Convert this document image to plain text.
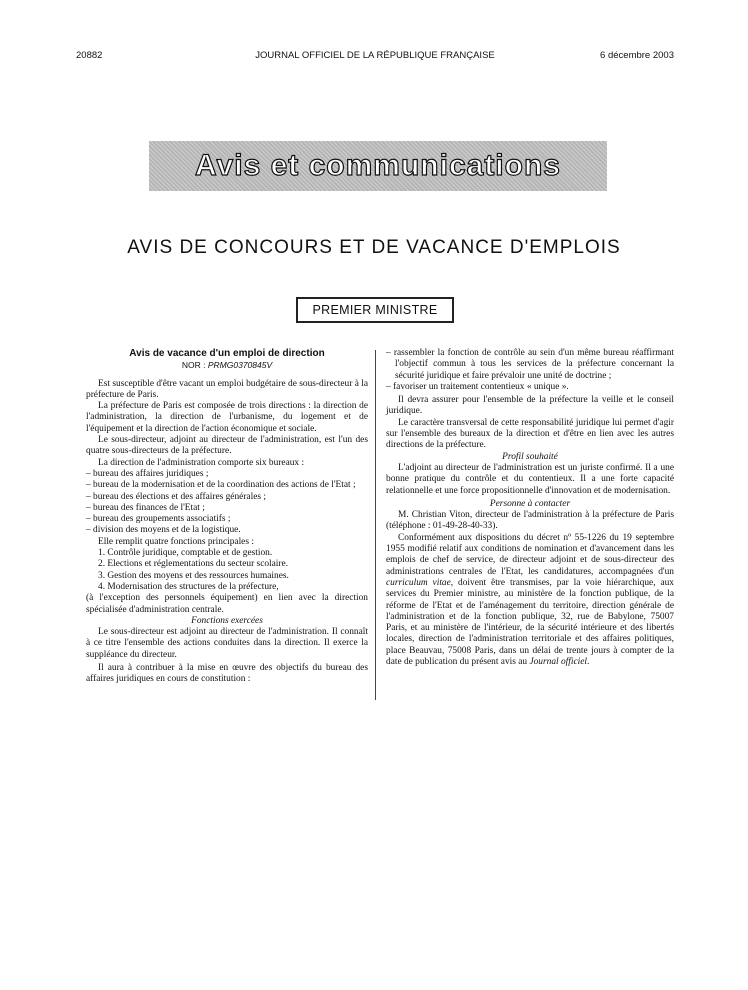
20882	JOURNAL OFFICIEL DE LA RÉPUBLIQUE FRANÇAISE	6 décembre 2003
Avis et communications
AVIS DE CONCOURS ET DE VACANCE D'EMPLOIS
PREMIER MINISTRE
Avis de vacance d'un emploi de direction
NOR : PRMG0370845V

Est susceptible d'être vacant un emploi budgétaire de sous-directeur à la préfecture de Paris.

La préfecture de Paris est composée de trois directions : la direction de l'administration, la direction de l'urbanisme, du logement et de l'équipement et la direction de l'action économique et sociale.

Le sous-directeur, adjoint au directeur de l'administration, est l'un des quatre sous-directeurs de la préfecture.

La direction de l'administration comporte six bureaux :

– bureau des affaires juridiques ;

– bureau de la modernisation et de la coordination des actions de l'Etat ;

– bureau des élections et des affaires générales ;

– bureau des finances de l'Etat ;

– bureau des groupements associatifs ;

– division des moyens et de la logistique.

Elle remplit quatre fonctions principales :

1. Contrôle juridique, comptable et de gestion.

2. Elections et réglementations du secteur scolaire.

3. Gestion des moyens et des ressources humaines.

4. Modernisation des structures de la préfecture,

(à l'exception des personnels équipement) en lien avec la direction spécialisée d'administration centrale.

Fonctions exercées

Le sous-directeur est adjoint au directeur de l'administration. Il connaît à ce titre l'ensemble des actions conduites dans la direction. Il exerce la suppléance du directeur.

Il aura à contribuer à la mise en œuvre des objectifs du bureau des affaires juridiques en cours de constitution :

– rassembler la fonction de contrôle au sein d'un même bureau réaffirmant l'objectif commun à tous les services de la préfecture concernant la sécurité juridique et faire prévaloir une unité de doctrine ;

– favoriser un traitement contentieux « unique ».

Il devra assurer pour l'ensemble de la préfecture la veille et le conseil juridique.

Le caractère transversal de cette responsabilité juridique lui permet d'agir sur l'ensemble des bureaux de la direction et d'être en lien avec les autres directions de la préfecture.

Profil souhaité

L'adjoint au directeur de l'administration est un juriste confirmé. Il a une bonne pratique du contrôle et du contentieux. Il a une forte capacité relationnelle et une force propositionnelle d'innovation et de modernisation.

Personne à contacter

M. Christian Viton, directeur de l'administration à la préfecture de Paris (téléphone : 01-49-28-40-33).

Conformément aux dispositions du décret nº 55-1226 du 19 septembre 1955 modifié relatif aux conditions de nomination et d'avancement dans les emplois de chef de service, de directeur adjoint et de sous-directeur des administrations centrales de l'Etat, les candidatures, accompagnées d'un curriculum vitae, doivent être transmises, par la voie hiérarchique, aux services du Premier ministre, au ministère de la fonction publique, de la réforme de l'Etat et de l'aménagement du territoire, direction générale de l'administration et de la fonction publique, 32, rue de Babylone, 75007 Paris, et au ministère de l'intérieur, de la sécurité intérieure et des libertés locales, direction de l'administration territoriale et des affaires politiques, place Beauvau, 75008 Paris, dans un délai de trente jours à compter de la date de publication du présent avis au Journal officiel.
